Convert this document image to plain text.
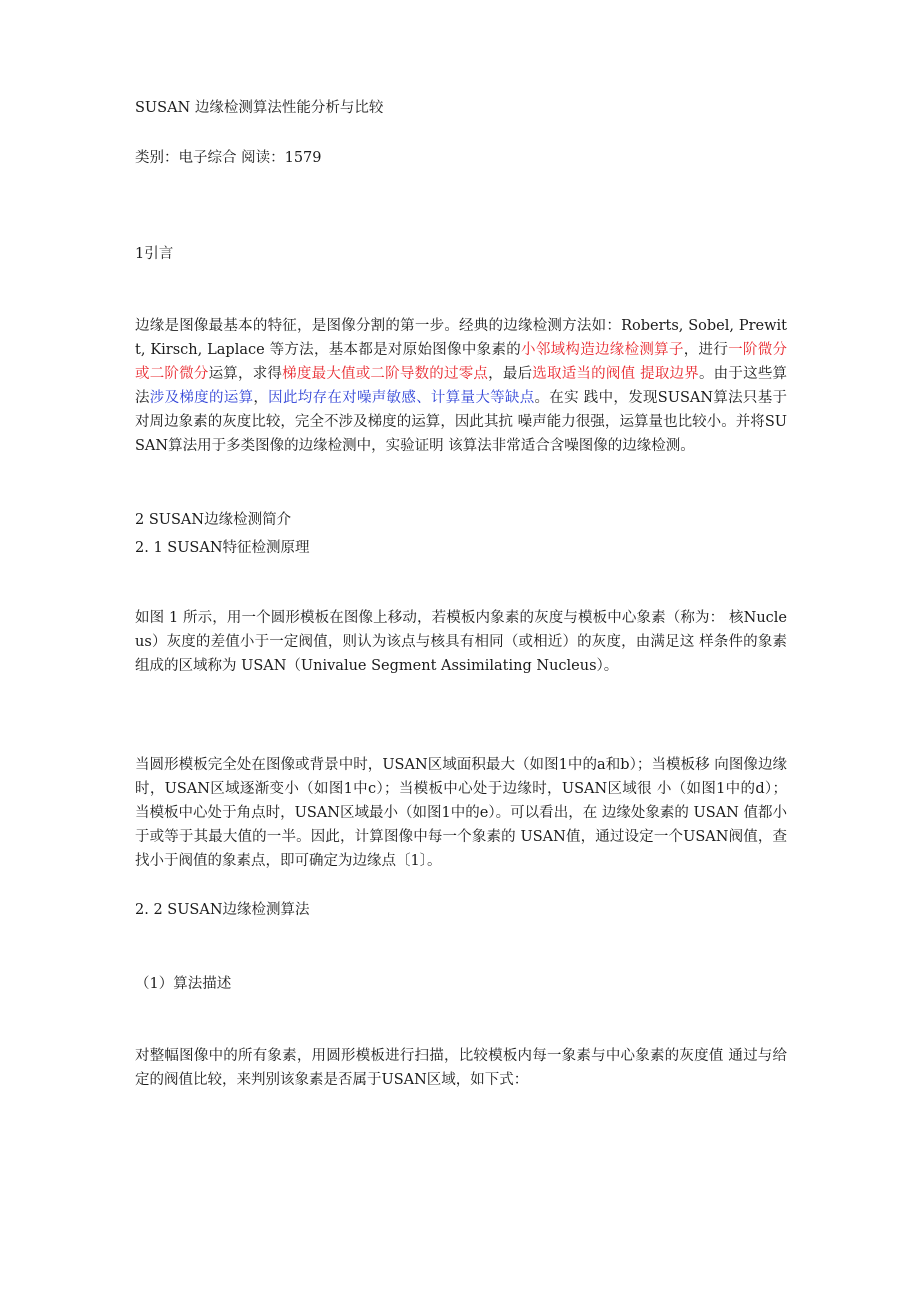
SUSAN 边缘检测算法性能分析与比较

类别：电子综合 阅读：1579

1引言

边缘是图像最基本的特征，是图像分割的第一步。经典的边缘检测方法如：Roberts, Sobel, Prewitt, Kirsch, Laplace 等方法，基本都是对原始图像中象素的小邻域构造边缘检测算子，进行一阶微分或二阶微分运算，求得梯度最大值或二阶导数的过零点，最后选取适当的阀值 提取边界。由于这些算法涉及梯度的运算，因此均存在对噪声敏感、计算量大等缺点。在实 践中，发现SUSAN算法只基于对周边象素的灰度比较，完全不涉及梯度的运算，因此其抗 噪声能力很强，运算量也比较小。并将SUSAN算法用于多类图像的边缘检测中，实验证明 该算法非常适合含噪图像的边缘检测。

2 SUSAN边缘检测简介

2. 1 SUSAN特征检测原理

如图 1 所示，用一个圆形模板在图像上移动，若模板内象素的灰度与模板中心象素（称为： 核Nucleus）灰度的差值小于一定阀值，则认为该点与核具有相同（或相近）的灰度，由满足这 样条件的象素组成的区域称为 USAN（Univalue Segment Assimilating Nucleus）。

当圆形模板完全处在图像或背景中时，USAN区域面积最大（如图1中的a和b）；当模板移 向图像边缘时，USAN区域逐渐变小（如图1中c）；当模板中心处于边缘时，USAN区域很 小（如图1中的d）；当模板中心处于角点时，USAN区域最小（如图1中的e）。可以看出，在 边缘处象素的 USAN 值都小于或等于其最大值的一半。因此，计算图像中每一个象素的 USAN值，通过设定一个USAN阀值，查找小于阀值的象素点，即可确定为边缘点〔1〕。

2. 2 SUSAN边缘检测算法

（1）算法描述

对整幅图像中的所有象素，用圆形模板进行扫描，比较模板内每一象素与中心象素的灰度值 通过与给定的阀值比较，来判别该象素是否属于USAN区域，如下式：
